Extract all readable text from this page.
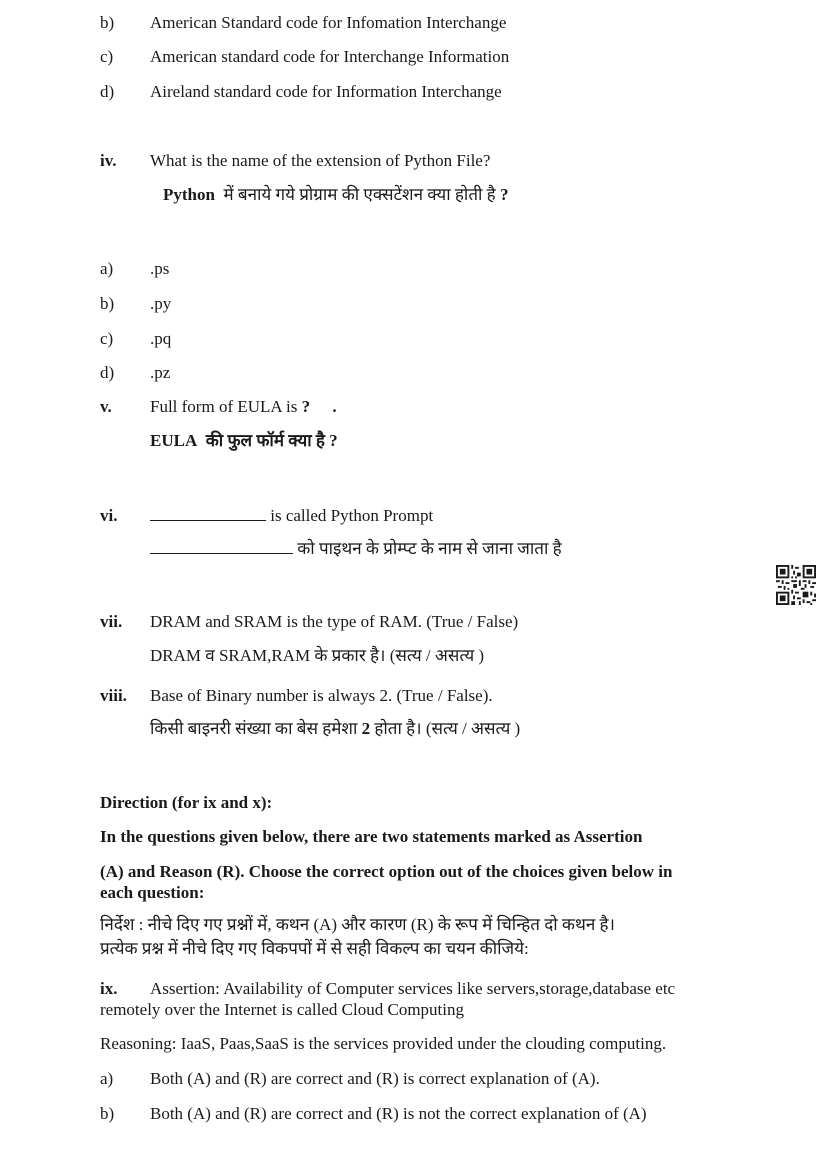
b) American Standard code for Infomation Interchange
c) American standard code for Interchange Information
d) Aireland standard code for Information Interchange
iv. What is the name of the extension of Python File?
Python में बनाये गये प्रोग्राम की एक्सटेंशन क्या होती है ?
a) .ps
b) .py
c) .pq
d) .pz
v. Full form of EULA is ? .
EULA की फुल फॉर्म क्या है ?
vi.	is called Python Prompt
को पाइथन के प्रोम्प्ट के नाम से जाना जाता है
vii. DRAM and SRAM is the type of RAM. (True / False)
DRAM व SRAM,RAM के प्रकार है। (सत्य / असत्य )
viii. Base of Binary number is always 2. (True / False).
किसी बाइनरी संख्या का बेस हमेशा 2 होता है। (सत्य / असत्य )
Direction (for ix and x):
In the questions given below, there are two statements marked as Assertion
(A) and Reason (R). Choose the correct option out of the choices given below in
each question:
निर्देश : नीचे दिए गए प्रश्नों में, कथन (A) और कारण (R) के रूप में चिन्हित दो कथन है।
प्रत्येक प्रश्न में नीचे दिए गए विकपपों में से सही विकल्प का चयन कीजिये:
ix. Assertion: Availability of Computer services like servers,storage,database etc
remotely over the Internet is called Cloud Computing
Reasoning: IaaS, Paas,SaaS is the services provided under the clouding computing.
a) Both (A) and (R) are correct and (R) is correct explanation of (A).
b) Both (A) and (R) are correct and (R) is not the correct explanation of (A)
